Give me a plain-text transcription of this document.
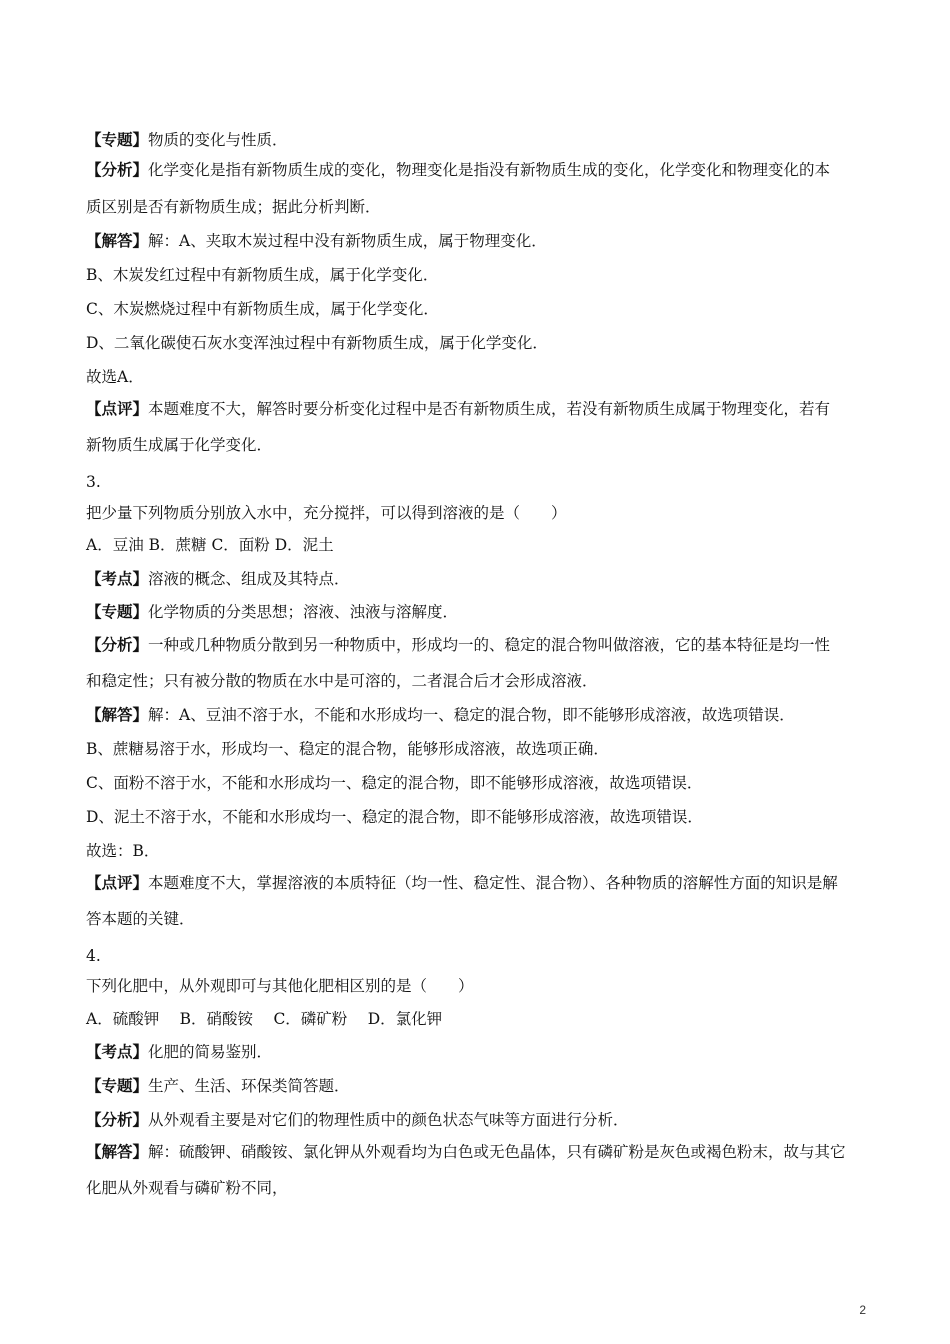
【专题】物质的变化与性质．
【分析】化学变化是指有新物质生成的变化，物理变化是指没有新物质生成的变化，化学变化和物理变化的本
质区别是否有新物质生成；据此分析判断．
【解答】解：A、夹取木炭过程中没有新物质生成，属于物理变化．
B、木炭发红过程中有新物质生成，属于化学变化．
C、木炭燃烧过程中有新物质生成，属于化学变化．
D、二氧化碳使石灰水变浑浊过程中有新物质生成，属于化学变化．
故选A．
【点评】本题难度不大，解答时要分析变化过程中是否有新物质生成，若没有新物质生成属于物理变化，若有
新物质生成属于化学变化．
3.
把少量下列物质分别放入水中，充分搅拌，可以得到溶液的是（　　）
A．豆油 B．蔗糖 C．面粉 D．泥土
【考点】溶液的概念、组成及其特点．
【专题】化学物质的分类思想；溶液、浊液与溶解度．
【分析】一种或几种物质分散到另一种物质中，形成均一的、稳定的混合物叫做溶液，它的基本特征是均一性
和稳定性；只有被分散的物质在水中是可溶的，二者混合后才会形成溶液．
【解答】解：A、豆油不溶于水，不能和水形成均一、稳定的混合物，即不能够形成溶液，故选项错误．
B、蔗糖易溶于水，形成均一、稳定的混合物，能够形成溶液，故选项正确．
C、面粉不溶于水，不能和水形成均一、稳定的混合物，即不能够形成溶液，故选项错误．
D、泥土不溶于水，不能和水形成均一、稳定的混合物，即不能够形成溶液，故选项错误．
故选：B．
【点评】本题难度不大，掌握溶液的本质特征（均一性、稳定性、混合物）、各种物质的溶解性方面的知识是解
答本题的关键．
4.
下列化肥中，从外观即可与其他化肥相区别的是（　　）
A．硫酸钾　 B．硝酸铵　 C．磷矿粉　 D．氯化钾
【考点】化肥的简易鉴别．
【专题】生产、生活、环保类简答题．
【分析】从外观看主要是对它们的物理性质中的颜色状态气味等方面进行分析．
【解答】解：硫酸钾、硝酸铵、氯化钾从外观看均为白色或无色晶体，只有磷矿粉是灰色或褐色粉末，故与其它
化肥从外观看与磷矿粉不同，
2
